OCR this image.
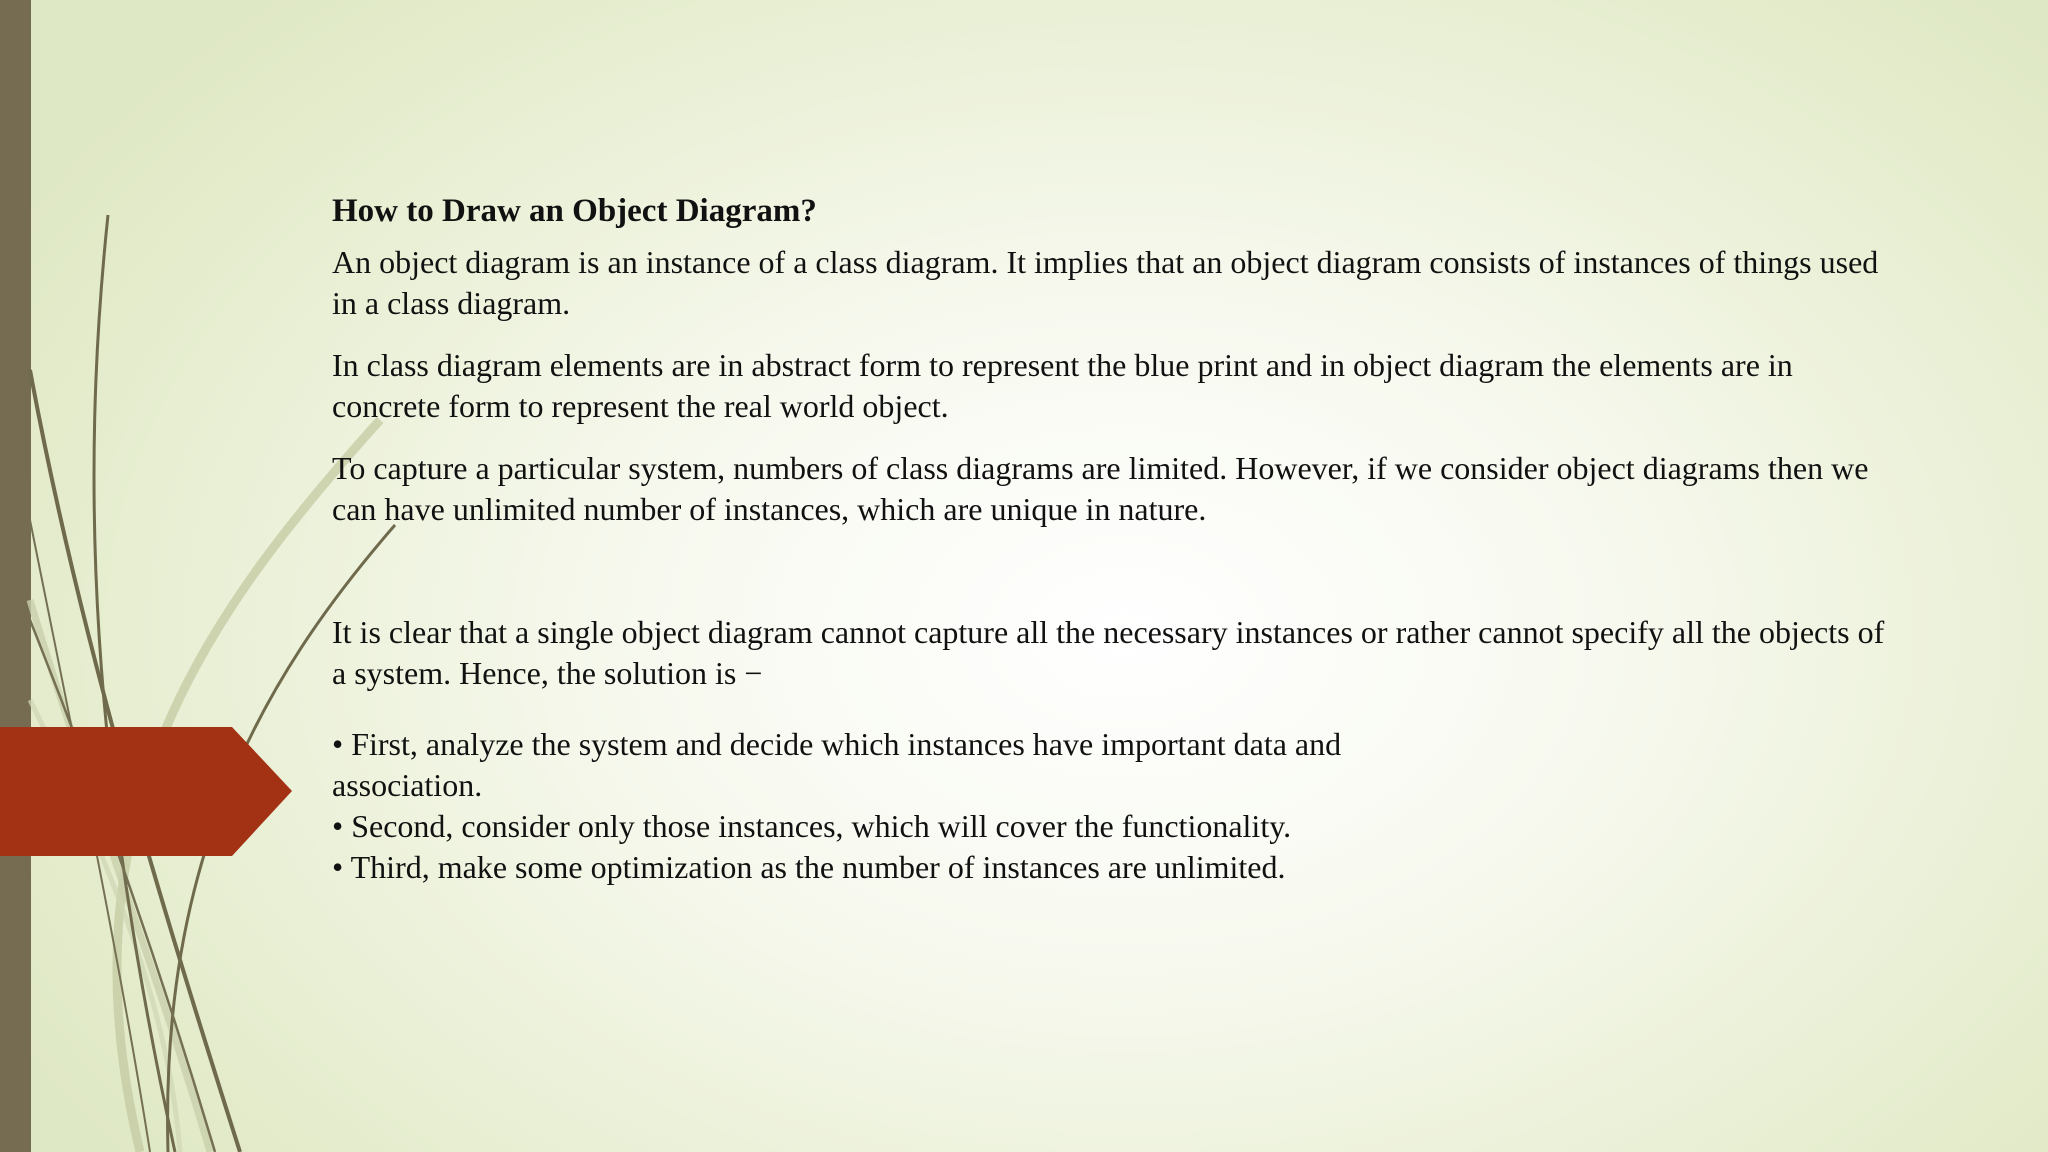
How to Draw an Object Diagram?
An object diagram is an instance of a class diagram. It implies that an object diagram consists of instances of things used in a class diagram.
In class diagram elements are in abstract form to represent the blue print and in object diagram the elements are in concrete form to represent the real world object.
To capture a particular system, numbers of class diagrams are limited. However, if we consider object diagrams then we can have unlimited number of instances, which are unique in nature.
It is clear that a single object diagram cannot capture all the necessary instances or rather cannot specify all the objects of a system. Hence, the solution is −
• First, analyze the system and decide which instances have important data and association.
• Second, consider only those instances, which will cover the functionality.
• Third, make some optimization as the number of instances are unlimited.
